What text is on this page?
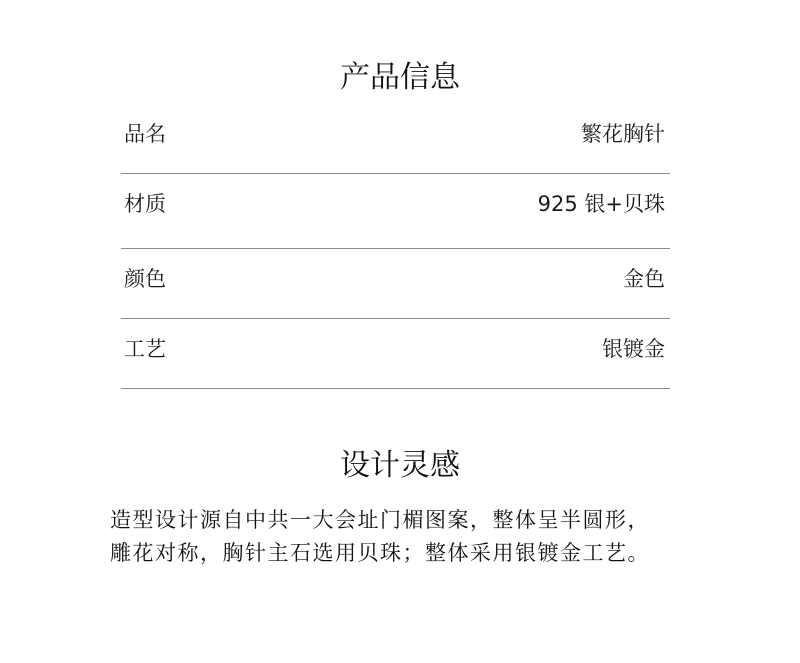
产品信息
品名	繁花胸针
材质	925 银+贝珠
颜色	金色
工艺	银镀金
设计灵感

造型设计源自中共一大会址门楣图案，整体呈半圆形，
雕花对称，胸针主石选用贝珠；整体采用银镀金工艺。
